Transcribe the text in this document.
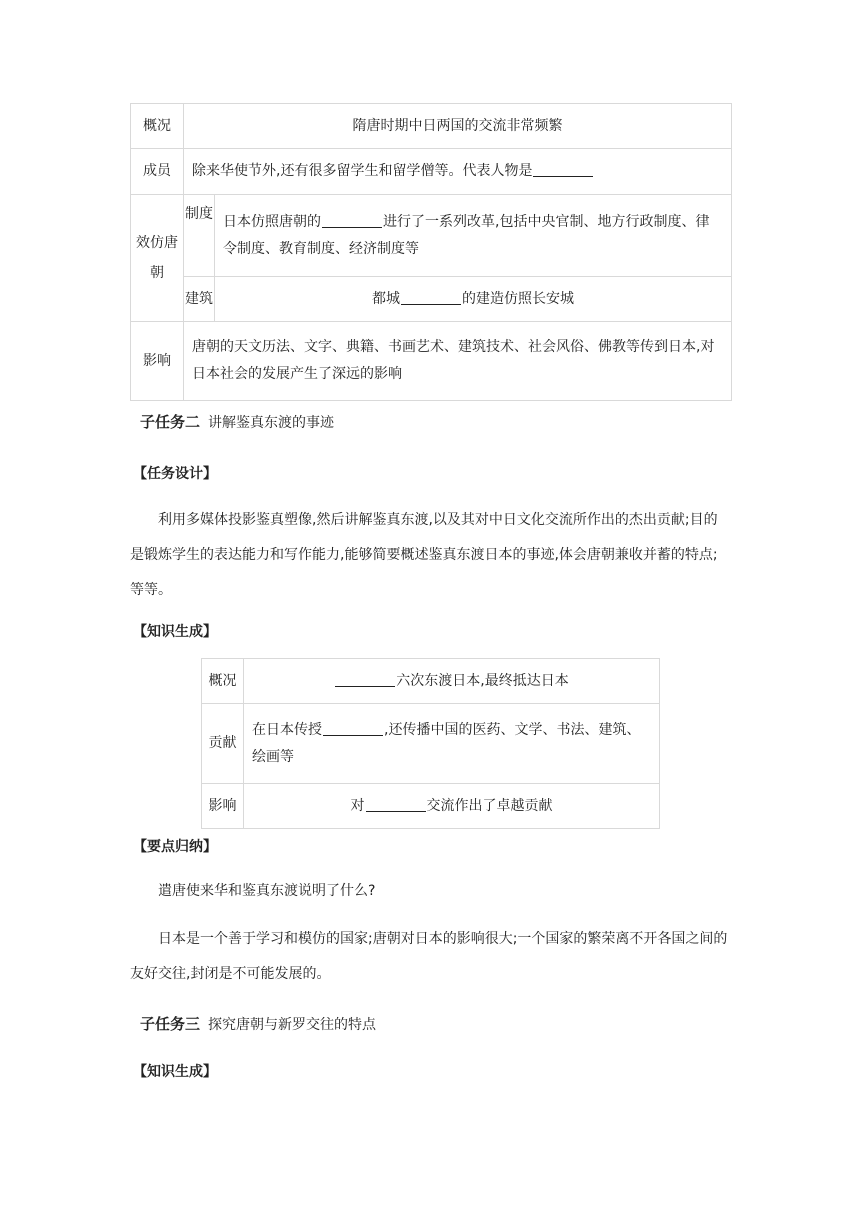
概况	隋唐时期中日两国的交流非常频繁	
成员	除来华使节外,还有很多留学生和留学僧等。代表人物是	
效仿唐朝	制度	日本仿照唐朝的 进行了一系列改革,包括中央官制、地方行政制度、律令制度、教育制度、经济制度等
	建筑	都城 的建造仿照长安城
影响	唐朝的天文历法、文字、典籍、书画艺术、建筑技术、社会风俗、佛教等传到日本,对日本社会的发展产生了深远的影响	
子任务二 讲解鉴真东渡的事迹
【任务设计】
利用多媒体投影鉴真塑像,然后讲解鉴真东渡,以及其对中日文化交流所作出的杰出贡献;目的是锻炼学生的表达能力和写作能力,能够简要概述鉴真东渡日本的事迹,体会唐朝兼收并蓄的特点;等等。
【知识生成】
概况	六次东渡日本,最终抵达日本
贡献	在日本传授 ,还传播中国的医药、文学、书法、建筑、绘画等
影响	对 交流作出了卓越贡献
【要点归纳】
遣唐使来华和鉴真东渡说明了什么?
日本是一个善于学习和模仿的国家;唐朝对日本的影响很大;一个国家的繁荣离不开各国之间的友好交往,封闭是不可能发展的。
子任务三 探究唐朝与新罗交往的特点
【知识生成】
